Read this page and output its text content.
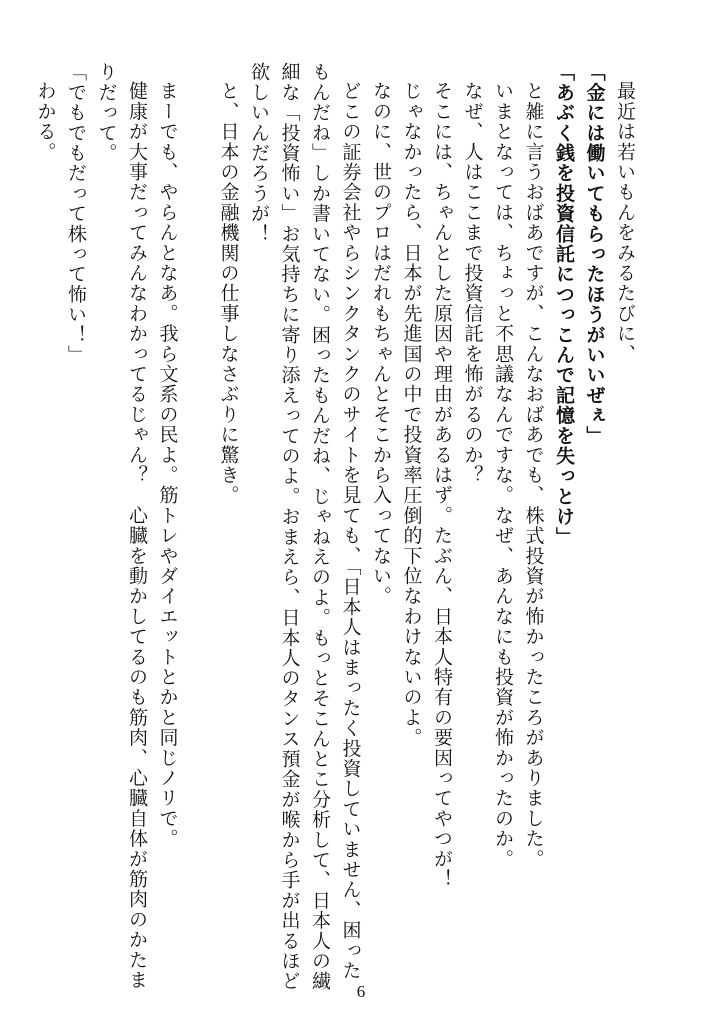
最近は若いもんをみるたびに、
「金には働いてもらったほうがいいぜぇ」
「あぶく銭を投資信託につっこんで記憶を失っとけ」
と雑に言うおばあですが、こんなおばあでも、株式投資が怖かったころがありました。
いまとなっては、ちょっと不思議なんですな。なぜ、あんなにも投資が怖かったのか。
なぜ、人はここまで投資信託を怖がるのか？
そこには、ちゃんとした原因や理由があるはず。たぶん、日本人特有の要因ってやつが！
じゃなかったら、日本が先進国の中で投資率圧倒的下位なわけないのよ。
なのに、世のプロはだれもちゃんとそこから入ってない。
どこの証券会社やらシンクタンクのサイトを見ても、「日本人はまったく投資していません、困った
もんだね」しか書いてない。困ったもんだね、じゃねえのよ。もっとそこんとこ分析して、日本人の繊
細な「投資怖い」お気持ちに寄り添えってのよ。おまえら、日本人のタンス預金が喉から手が出るほど
欲しいんだろうが！
と、日本の金融機関の仕事しなさぶりに驚き。
まーでも、やらんとなあ。我ら文系の民よ。筋トレやダイエットとかと同じノリで。
健康が大事だってみんなわかってるじゃん？　心臓を動かしてるのも筋肉、心臓自体が筋肉のかたま
りだって。
「でもでもだって株って怖い！」
わかる。
6
